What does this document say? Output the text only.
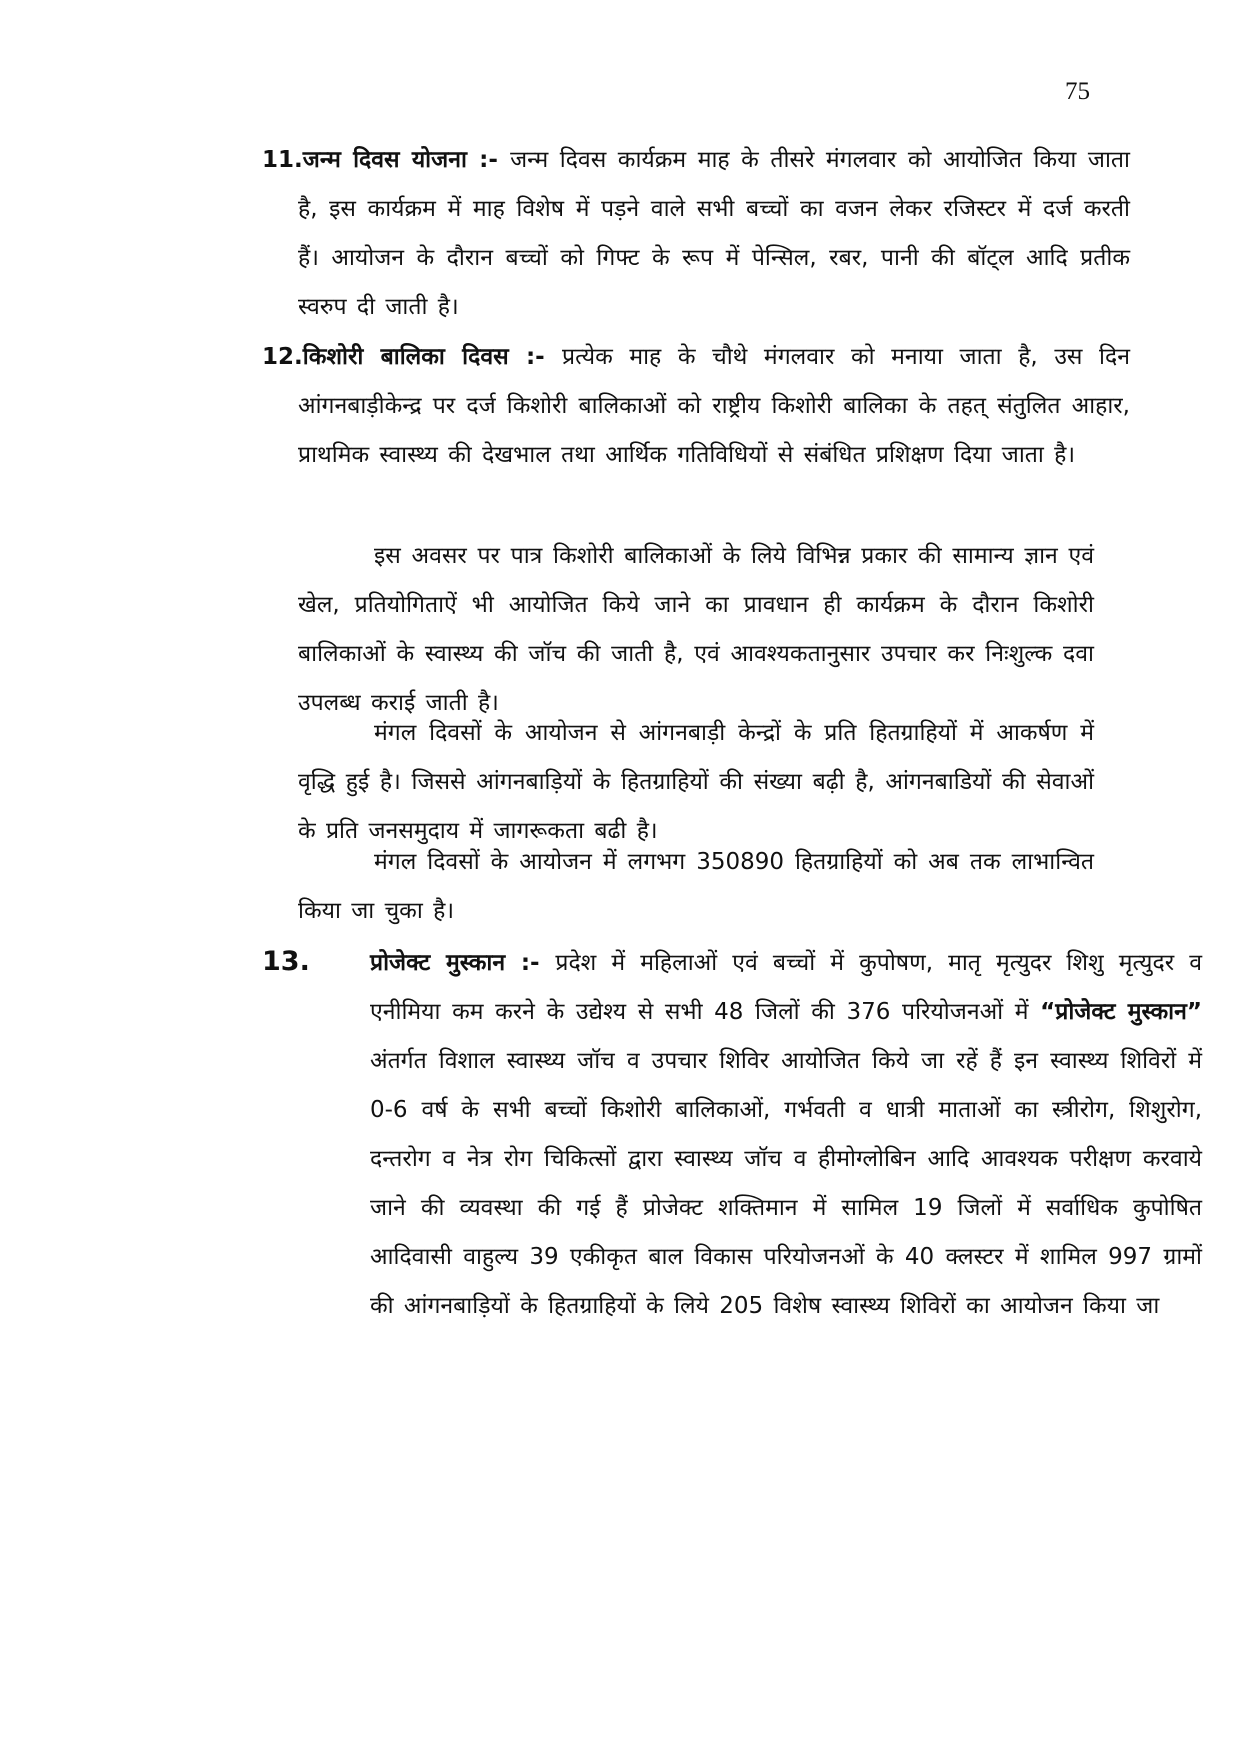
75
11.जन्म दिवस योजना :- जन्म दिवस कार्यक्रम माह के तीसरे मंगलवार को आयोजित किया जाता है, इस कार्यक्रम में माह विशेष में पड़ने वाले सभी बच्चों का वजन लेकर रजिस्टर में दर्ज करती हैं। आयोजन के दौरान बच्चों को गिफ्ट के रूप में पेन्सिल, रबर, पानी की बॉट्ल आदि प्रतीक स्वरुप दी जाती है।
12.किशोरी बालिका दिवस :- प्रत्येक माह के चौथे मंगलवार को मनाया जाता है, उस दिन आंगनबाड़ीकेन्द्र पर दर्ज किशोरी बालिकाओं को राष्ट्रीय किशोरी बालिका के तहत् संतुलित आहार, प्राथमिक स्वास्थ्य की देखभाल तथा आर्थिक गतिविधियों से संबंधित प्रशिक्षण दिया जाता है।
इस अवसर पर पात्र किशोरी बालिकाओं के लिये विभिन्न प्रकार की सामान्य ज्ञान एवं खेल, प्रतियोगिताऐं भी आयोजित किये जाने का प्रावधान ही कार्यक्रम के दौरान किशोरी बालिकाओं के स्वास्थ्य की जॉच की जाती है, एवं आवश्यकतानुसार उपचार कर निःशुल्क दवा उपलब्ध कराई जाती है।
मंगल दिवसों के आयोजन से आंगनबाड़ी केन्द्रों के प्रति हितग्राहियों में आकर्षण में वृद्धि हुई है। जिससे आंगनबाड़ियों के हितग्राहियों की संख्या बढ़ी है, आंगनबाडियों की सेवाओं के प्रति जनसमुदाय में जागरूकता बढी है।
मंगल दिवसों के आयोजन में लगभग 350890 हितग्राहियों को अब तक लाभान्वित किया जा चुका है।
13.	प्रोजेक्ट मुस्कान :- प्रदेश में महिलाओं एवं बच्चों में कुपोषण, मातृ मृत्युदर शिशु मृत्युदर व एनीमिया कम करने के उद्येश्य से सभी 48 जिलों की 376 परियोजनओं में “प्रोजेक्ट मुस्कान” अंतर्गत विशाल स्वास्थ्य जॉच व उपचार शिविर आयोजित किये जा रहें हैं इन स्वास्थ्य शिविरों में 0-6 वर्ष के सभी बच्चों किशोरी बालिकाओं, गर्भवती व धात्री माताओं का स्त्रीरोग, शिशुरोग, दन्तरोग व नेत्र रोग चिकित्सों द्वारा स्वास्थ्य जॉच व हीमोग्लोबिन आदि आवश्यक परीक्षण करवाये जाने की व्यवस्था की गई हैं प्रोजेक्ट शक्तिमान में सामिल 19 जिलों में सर्वाधिक कुपोषित आदिवासी वाहुल्य 39 एकीकृत बाल विकास परियोजनओं के 40 क्लस्टर में शामिल 997 ग्रामों की आंगनबाड़ियों के हितग्राहियों के लिये 205 विशेष स्वास्थ्य शिविरों का आयोजन किया जा
